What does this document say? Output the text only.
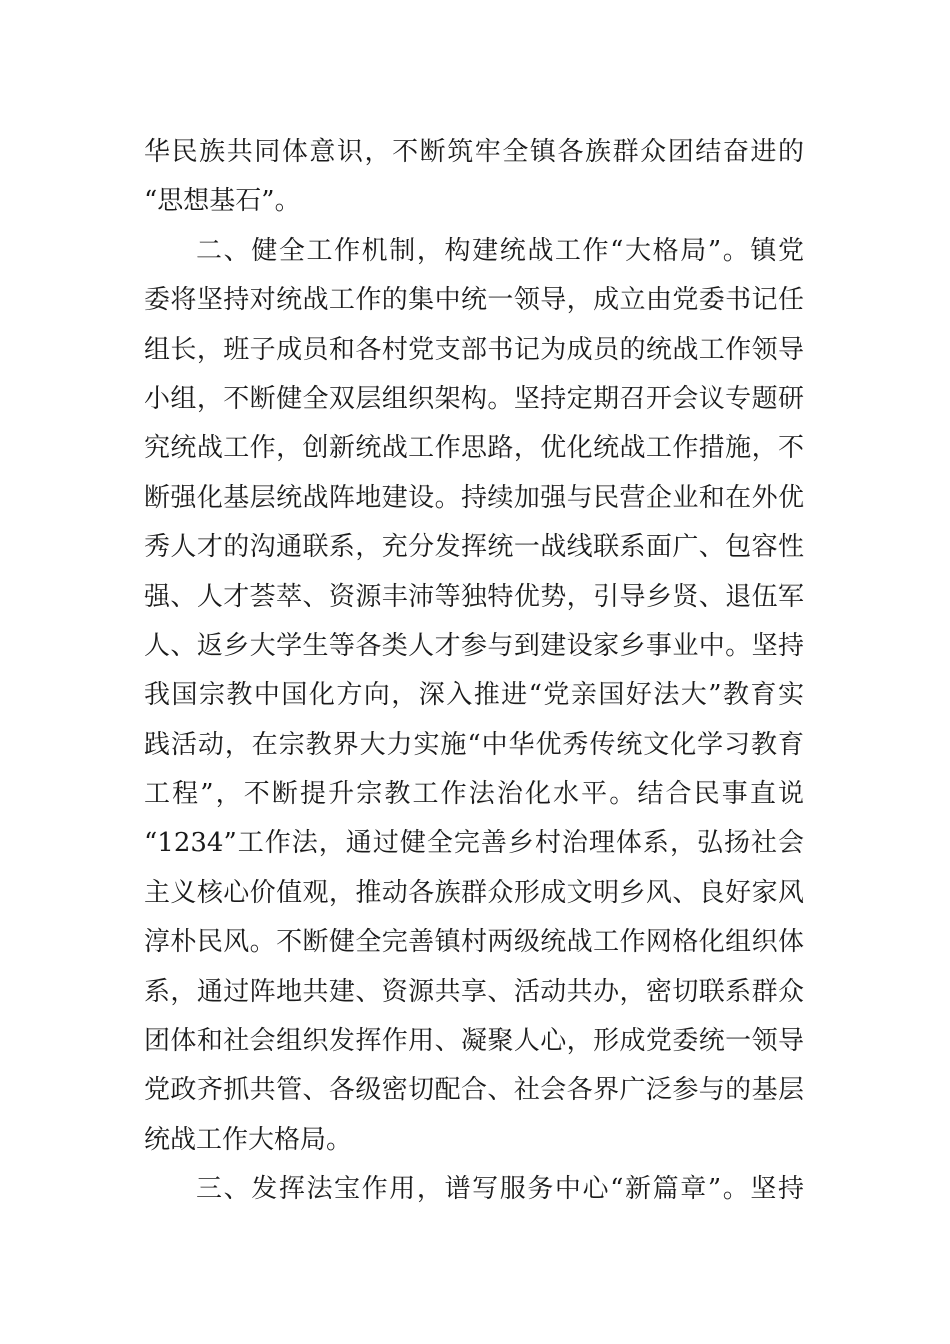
华民族共同体意识，不断筑牢全镇各族群众团结奋进的
“思想基石”。
二、健全工作机制，构建统战工作“大格局”。镇党
委将坚持对统战工作的集中统一领导，成立由党委书记任
组长，班子成员和各村党支部书记为成员的统战工作领导
小组，不断健全双层组织架构。坚持定期召开会议专题研
究统战工作，创新统战工作思路，优化统战工作措施，不
断强化基层统战阵地建设。持续加强与民营企业和在外优
秀人才的沟通联系，充分发挥统一战线联系面广、包容性
强、人才荟萃、资源丰沛等独特优势，引导乡贤、退伍军
人、返乡大学生等各类人才参与到建设家乡事业中。坚持
我国宗教中国化方向，深入推进“党亲国好法大”教育实
践活动，在宗教界大力实施“中华优秀传统文化学习教育
工程”，不断提升宗教工作法治化水平。结合民事直说
“1234”工作法，通过健全完善乡村治理体系，弘扬社会
主义核心价值观，推动各族群众形成文明乡风、良好家风
淳朴民风。不断健全完善镇村两级统战工作网格化组织体
系，通过阵地共建、资源共享、活动共办，密切联系群众
团体和社会组织发挥作用、凝聚人心，形成党委统一领导
党政齐抓共管、各级密切配合、社会各界广泛参与的基层
统战工作大格局。
三、发挥法宝作用，谱写服务中心“新篇章”。坚持
